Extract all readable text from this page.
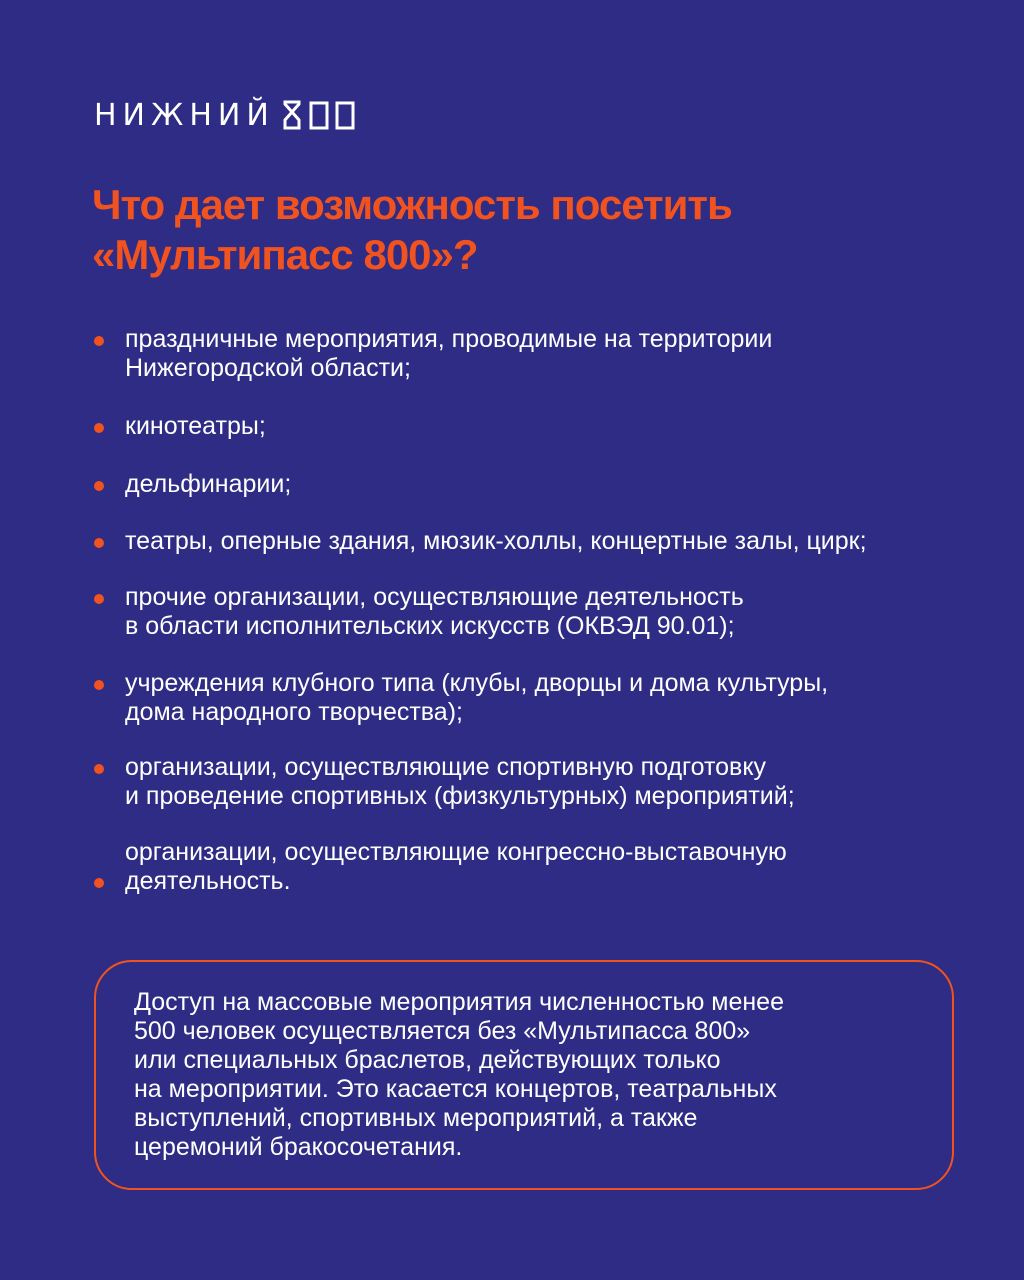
НИЖНИЙ
Что дает возможность посетить «Мультипасс 800»?
праздничные мероприятия, проводимые на территории
Нижегородской области;
кинотеатры;
дельфинарии;
театры, оперные здания, мюзик-холлы, концертные залы, цирк;
прочие организации, осуществляющие деятельность
в области исполнительских искусств (ОКВЭД 90.01);
учреждения клубного типа (клубы, дворцы и дома культуры,
дома народного творчества);
организации, осуществляющие спортивную подготовку
и проведение спортивных (физкультурных) мероприятий;
организации, осуществляющие конгрессно-выставочную
деятельность.
Доступ на массовые мероприятия численностью менее
500 человек осуществляется без «Мультипасса 800»
или специальных браслетов, действующих только
на мероприятии. Это касается концертов, театральных
выступлений, спортивных мероприятий, а также
церемоний бракосочетания.
